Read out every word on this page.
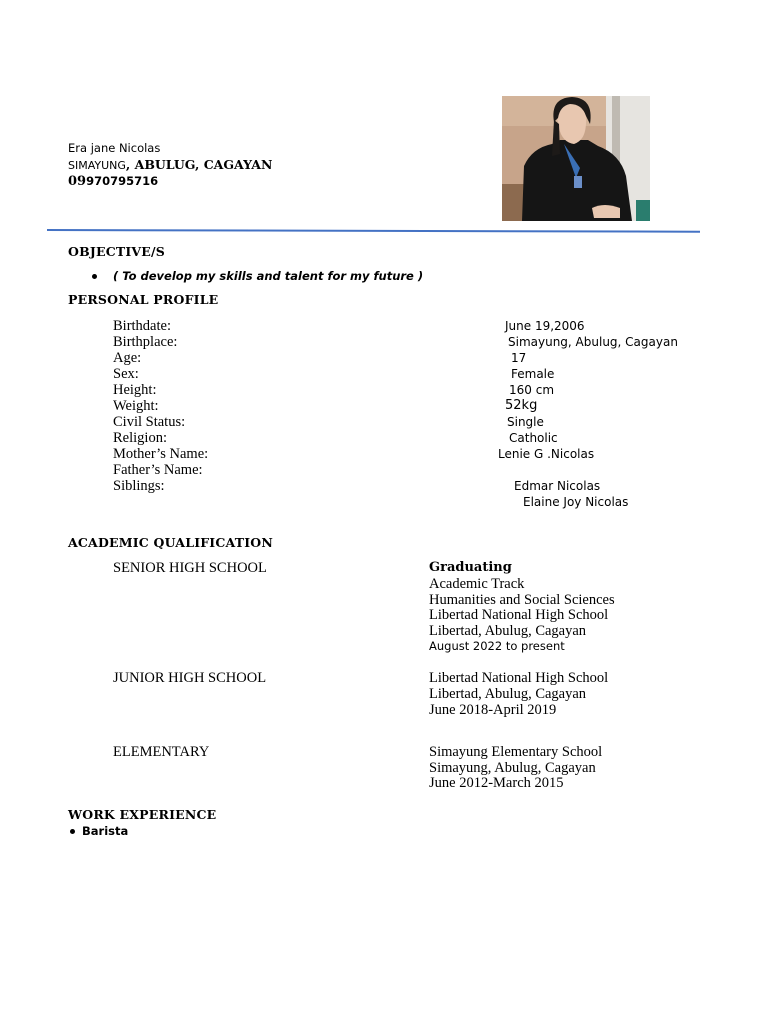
Era jane Nicolas
SIMAYUNG, ABULUG, CAGAYAN
09970795716
OBJECTIVE/S
( To develop my skills and talent for my future )
PERSONAL PROFILE
Birthdate:	June 19,2006
Birthplace:	Simayung, Abulug, Cagayan
Age:	17
Sex:	Female
Height:	160 cm
Weight:	52kg
Civil Status:	Single
Religion:	Catholic
Mother’s Name:	Lenie G .Nicolas
Father’s Name:
Siblings:	Edmar Nicolas
Elaine Joy Nicolas
ACADEMIC QUALIFICATION
SENIOR HIGH SCHOOL	Graduating
Academic Track
Humanities and Social Sciences
Libertad National High School
Libertad, Abulug, Cagayan
August 2022 to present
JUNIOR HIGH SCHOOL	Libertad National High School
Libertad, Abulug, Cagayan
June 2018-April 2019
ELEMENTARY	Simayung Elementary School
Simayung, Abulug, Cagayan
June 2012-March 2015
WORK EXPERIENCE
Barista
